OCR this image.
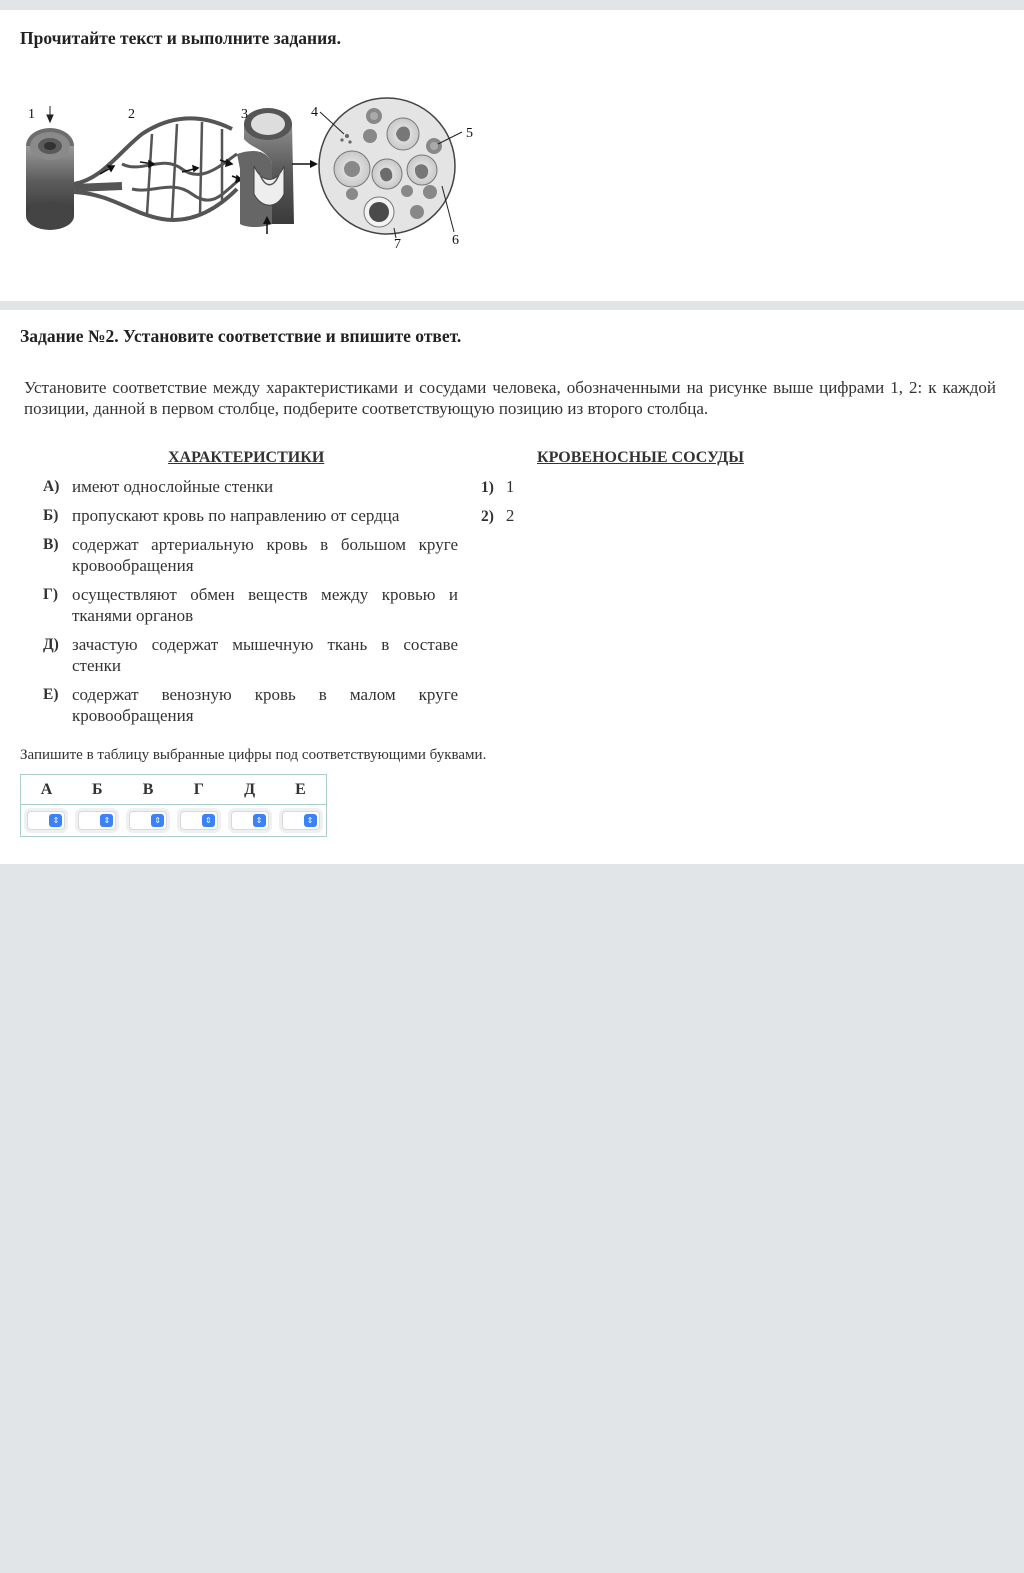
Прочитайте текст и выполните задания.

1	2	3	4
5
6
7

Задание №2. Установите соответствие и впишите ответ.

Установите соответствие между характеристиками и сосудами человека, обозначенными на рисунке выше цифрами 1, 2: к каждой позиции, данной в первом столбце, подберите соответствующую позицию из второго столбца.

ХАРАКТЕРИСТИКИ	КРОВЕНОСНЫЕ СОСУДЫ
А) имеют однослойные стенки
Б) пропускают кровь по направлению от сердца
В) содержат артериальную кровь в большом круге кровообращения
Г) осуществляют обмен веществ между кровью и тканями органов
Д) зачастую содержат мышечную ткань в составе стенки
Е) содержат венозную кровь в малом круге кровообращения
1) 1
2) 2
Запишите в таблицу выбранные цифры под соответствующими буквами.
А	Б	В	Г	Д	Е

⇕	⇕	⇕	⇕	⇕	⇕
